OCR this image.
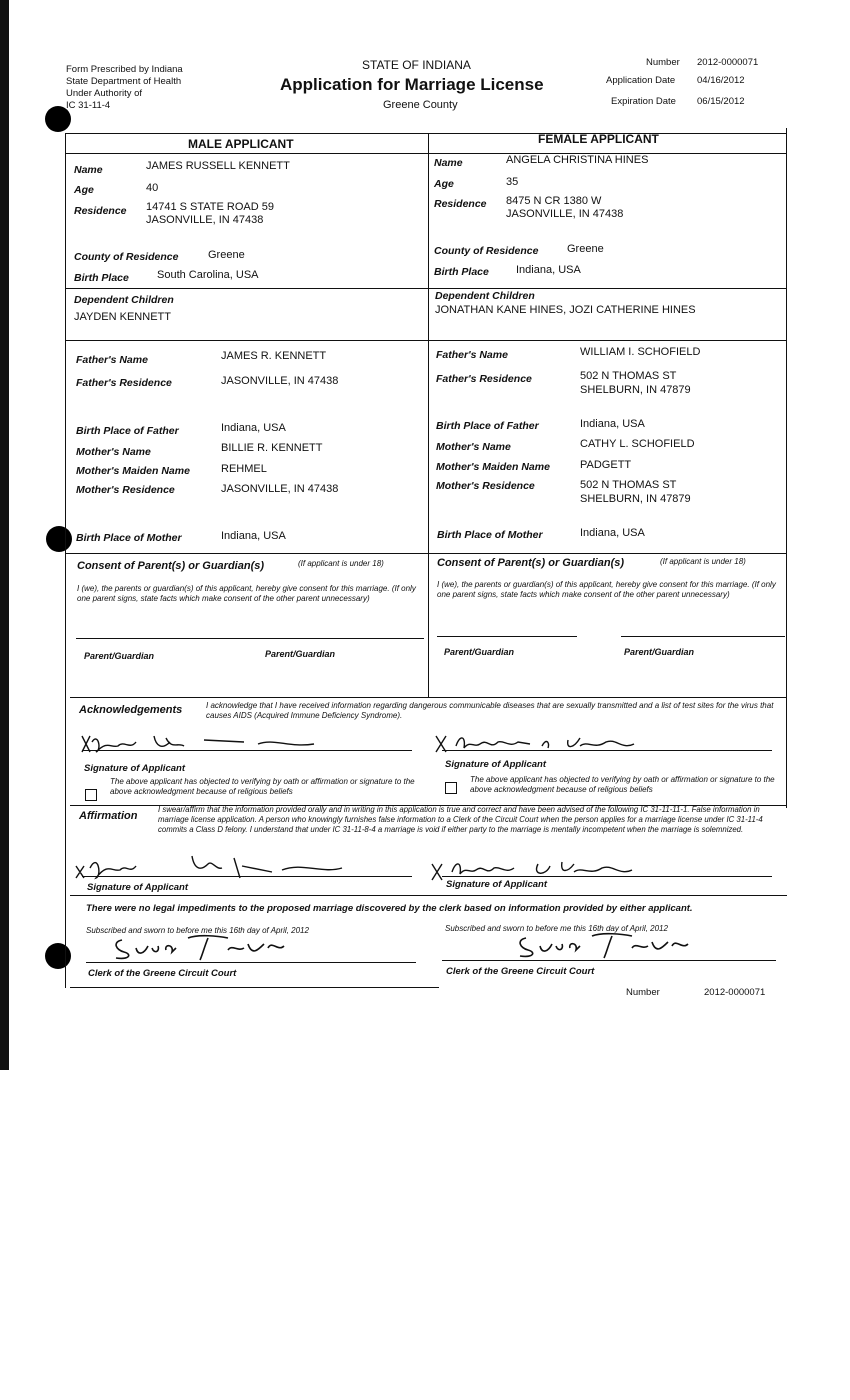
Form Prescribed by Indiana
State Department of Health
Under Authority of
IC 31-11-4
STATE OF INDIANA
Application for Marriage License
Greene County
Number 2012-0000071
Application Date 04/16/2012
Expiration Date 06/15/2012
MALE APPLICANT	FEMALE APPLICANT
Name	JAMES RUSSELL KENNETT
Age	40
Residence 14741 S STATE ROAD 59
JASONVILLE, IN 47438
County of Residence	Greene
Birth Place	South Carolina, USA
Dependent Children
JAYDEN KENNETT
Father's Name	JAMES R. KENNETT
Father's Residence	JASONVILLE, IN 47438
Birth Place of Father	Indiana, USA
Mother's Name	BILLIE R. KENNETT
Mother's Maiden Name	REHMEL
Mother's Residence	JASONVILLE, IN 47438
Birth Place of Mother	Indiana, USA
Name	ANGELA CHRISTINA HINES
Age	35
Residence 8475 N CR 1380 W
JASONVILLE, IN 47438
County of Residence	Greene
Birth Place Indiana, USA
Dependent Children
JONATHAN KANE HINES, JOZI CATHERINE HINES
Father's Name	WILLIAM I. SCHOFIELD
Father's Residence	502 N THOMAS ST
SHELBURN, IN 47879
Birth Place of Father	Indiana, USA
Mother's Name	CATHY L. SCHOFIELD
Mother's Maiden Name	PADGETT
Mother's Residence	502 N THOMAS ST
SHELBURN, IN 47879
Birth Place of Mother	Indiana, USA
Consent of Parent(s) or Guardian(s)	(If applicant is under 18)
I (we), the parents or guardian(s) of this applicant, hereby give consent for this marriage. (If only one parent signs, state facts which make consent of the other parent unnecessary)
Parent/Guardian	Parent/Guardian
Consent of Parent(s) or Guardian(s)	(If applicant is under 18)
I (we), the parents or guardian(s) of this applicant, hereby give consent for this marriage. (If only one parent signs, state facts which make consent of the other parent unnecessary)
Parent/Guardian	Parent/Guardian
Acknowledgements	I acknowledge that I have received information regarding dangerous communicable diseases that are sexually transmitted and a list of test sites for the virus that causes AIDS (Acquired Immune Deficiency Syndrome).
Signature of Applicant
The above applicant has objected to verifying by oath or affirmation or signature to the above acknowledgment because of religious beliefs
Signature of Applicant
The above applicant has objected to verifying by oath or affirmation or signature to the above acknowledgment because of religious beliefs
Affirmation
I swear/affirm that the information provided orally and in writing in this application is true and correct and have been advised of the following IC 31-11-11-1. False information in marriage license application. A person who knowingly furnishes false information to a Clerk of the Circuit Court when the person applies for a marriage license under IC 31-11-4 commits a Class D felony. I understand that under IC 31-11-8-4 a marriage is void if either party to the marriage is mentally incompetent when the marriage is solemnized.
Signature of Applicant	Signature of Applicant
There were no legal impediments to the proposed marriage discovered by the clerk based on information provided by either applicant.
Subscribed and sworn to before me this 16th day of April, 2012	Subscribed and sworn to before me this 16th day of April, 2012
Clerk of the Greene Circuit Court	Clerk of the Greene Circuit Court
Number	2012-0000071
